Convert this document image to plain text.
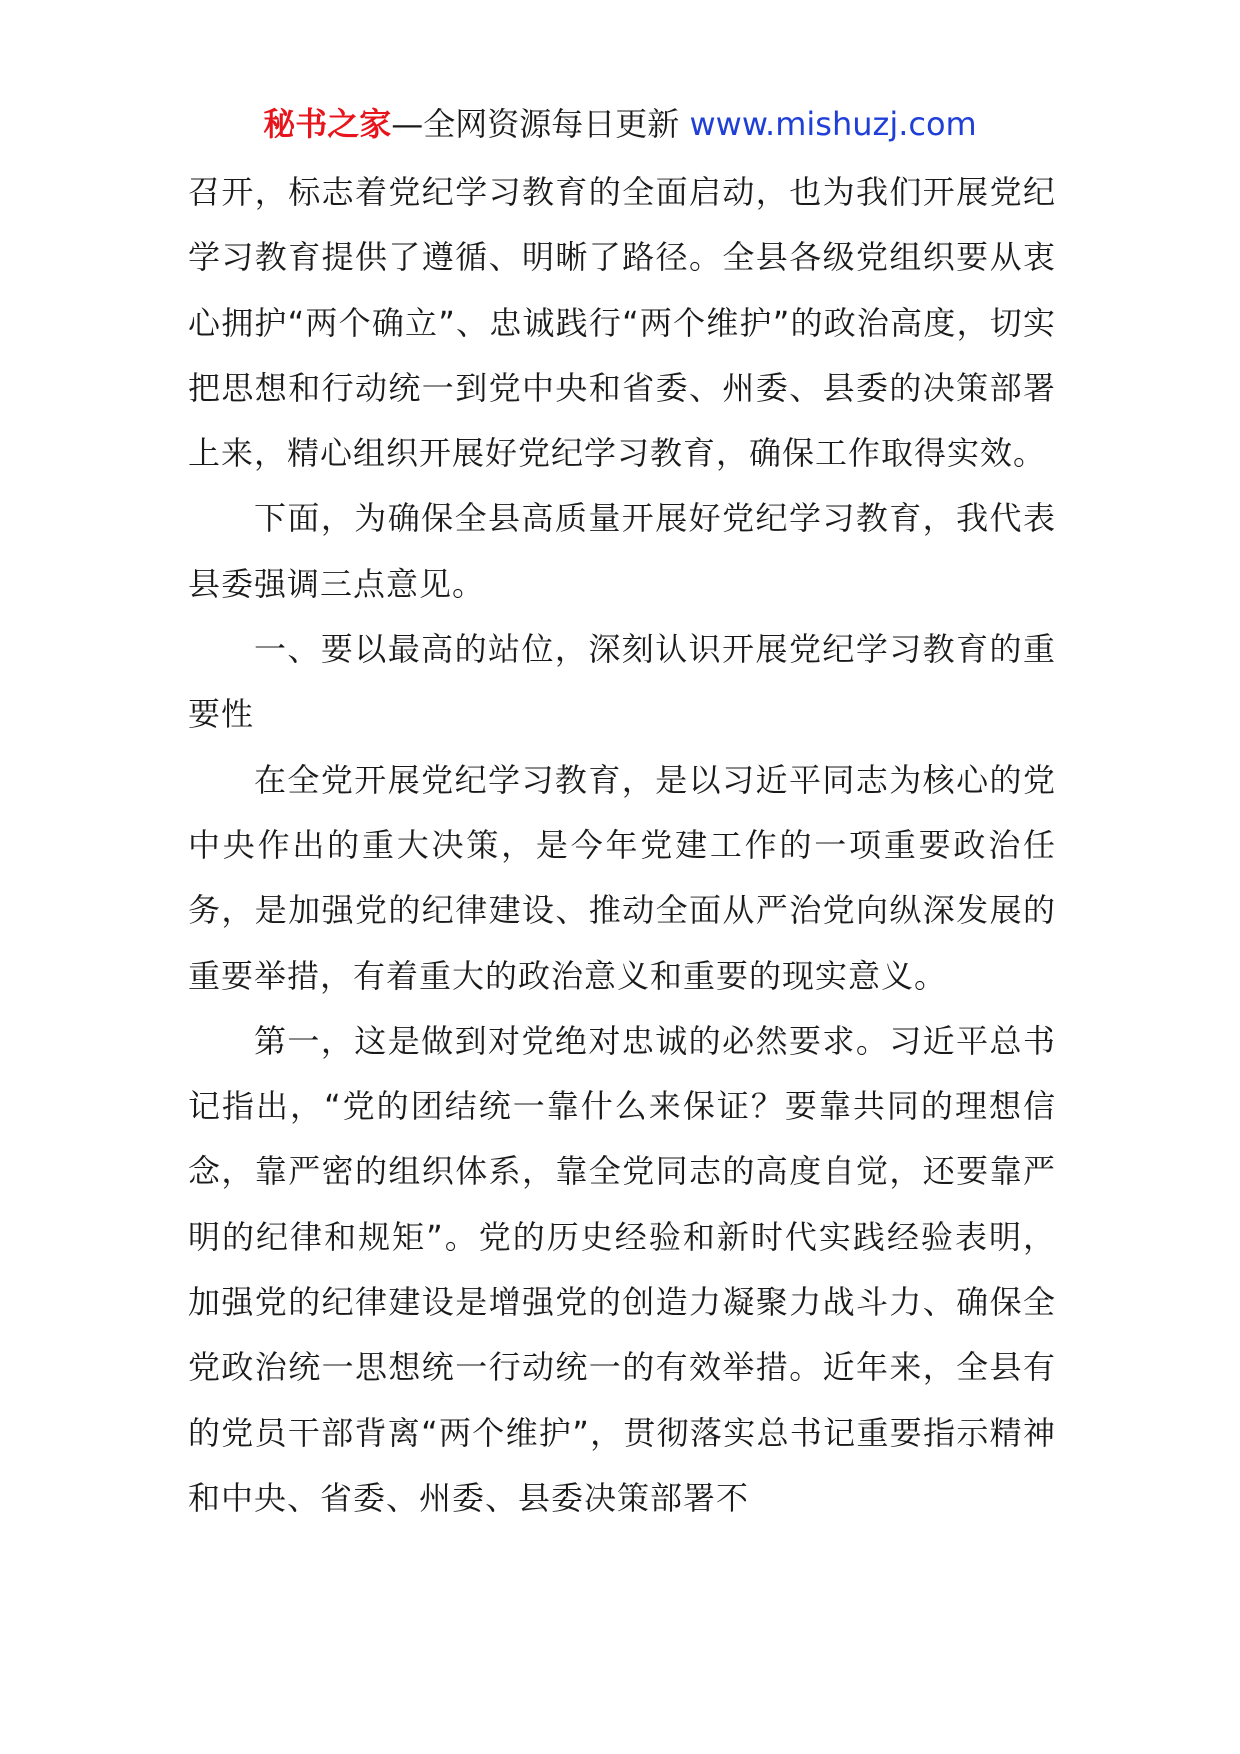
秘书之家—全网资源每日更新 www.mishuzj.com

召开，标志着党纪学习教育的全面启动，也为我们开展党纪学习教育提供了遵循、明晰了路径。全县各级党组织要从衷心拥护“两个确立”、忠诚践行“两个维护”的政治高度，切实把思想和行动统一到党中央和省委、州委、县委的决策部署上来，精心组织开展好党纪学习教育，确保工作取得实效。

下面，为确保全县高质量开展好党纪学习教育，我代表县委强调三点意见。

一、要以最高的站位，深刻认识开展党纪学习教育的重要性

在全党开展党纪学习教育，是以习近平同志为核心的党中央作出的重大决策，是今年党建工作的一项重要政治任务，是加强党的纪律建设、推动全面从严治党向纵深发展的重要举措，有着重大的政治意义和重要的现实意义。

第一，这是做到对党绝对忠诚的必然要求。习近平总书记指出，“党的团结统一靠什么来保证？要靠共同的理想信念，靠严密的组织体系，靠全党同志的高度自觉，还要靠严明的纪律和规矩”。党的历史经验和新时代实践经验表明，加强党的纪律建设是增强党的创造力凝聚力战斗力、确保全党政治统一思想统一行动统一的有效举措。近年来，全县有的党员干部背离“两个维护”，贯彻落实总书记重要指示精神和中央、省委、州委、县委决策部署不
